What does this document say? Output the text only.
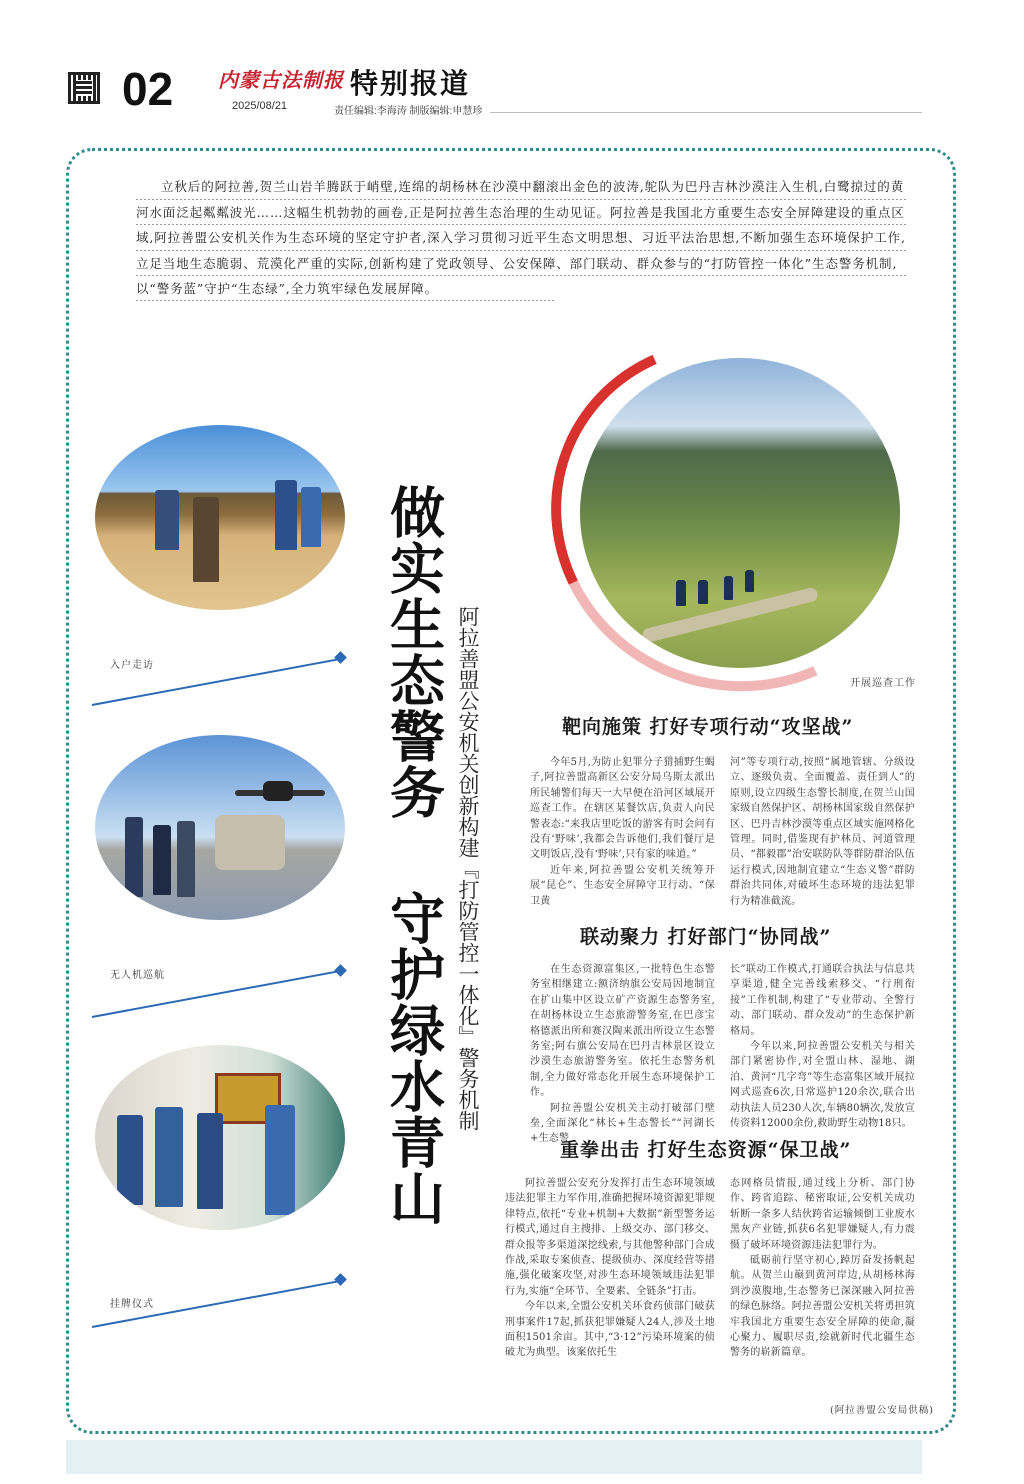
02 内蒙古法制报
2025/08/21
特别报道
责任编辑:李海涛 制版编辑:申慧珍
立秋后的阿拉善,贺兰山岩羊腾跃于峭壁,连绵的胡杨林在沙漠中翻滚出金色的波涛,鸵队为巴丹吉林沙漠注入生机,白鹭掠过的黄河水面泛起粼粼波光……这幅生机勃勃的画卷,正是阿拉善生态治理的生动见证。阿拉善是我国北方重要生态安全屏障建设的重点区域,阿拉善盟公安机关作为生态环境的坚定守护者,深入学习贯彻习近平生态文明思想、习近平法治思想,不断加强生态环境保护工作,立足当地生态脆弱、荒漠化严重的实际,创新构建了党政领导、公安保障、部门联动、群众参与的“打防管控一体化”生态警务机制,以“警务蓝”守护“生态绿”,全力筑牢绿色发展屏障。
入户走访
无人机巡航
挂牌仪式
开展巡查工作
做实生态警务
守护绿水青山 阿拉善盟公安机关创新构建『打防管控一体化』警务机制	靶向施策 打好专项行动“攻坚战”

今年5月,为防止犯罪分子猎捕野生蝎子,阿拉善盟高新区公安分局乌斯太派出所民辅警们每天一大早便在沿河区域展开巡查工作。在辖区某餐饮店,负责人向民警表态:“来我店里吃饭的游客有时会问有没有‘野味’,我都会告诉他们,我们餐厅是文明饭店,没有‘野味’,只有家的味道。”

近年来,阿拉善盟公安机关统筹开展“昆仑”、生态安全屏障守卫行动、“保卫黄

河”等专项行动,按照“属地管辖、分级设立、逐级负责、全面覆盖、责任到人”的原则,设立四级生态警长制度,在贺兰山国家级自然保护区、胡杨林国家级自然保护区、巴丹吉林沙漠等重点区域实施网格化管理。同时,借鉴现有护林员、河道管理员、“都毅郡”治安联防队等群防群治队伍运行模式,因地制宜建立“生态义警”群防群治共同体,对破坏生态环境的违法犯罪行为精准截流。

联动聚力 打好部门“协同战”

在生态资源富集区,一批特色生态警务室相继建立:额济纳旗公安局因地制宜在扩山集中区设立矿产资源生态警务室,在胡杨林设立生态旅游警务室,在巴彦宝格德派出所和赛汉陶来派出所设立生态警务室;阿右旗公安局在巴丹吉林景区设立沙漠生态旅游警务室。依托生态警务机制,全力做好常态化开展生态环境保护工作。

阿拉善盟公安机关主动打破部门壁垒,全面深化“林长+生态警长”“河湖长+生态警

长”联动工作模式,打通联合执法与信息共享渠道,健全完善线索移交、“行刑衔接”工作机制,构建了“专业带动、全警行动、部门联动、群众发动”的生态保护新格局。

今年以来,阿拉善盟公安机关与相关部门紧密协作,对全盟山林、湿地、湖泊、黄河“几字弯”等生态富集区域开展拉网式巡查6次,日常巡护120余次,联合出动执法人员230人次,车辆80辆次,发放宣传资料12000余份,救助野生动物18只。

重拳出击 打好生态资源“保卫战”

阿拉善盟公安充分发挥打击生态环境领域违法犯罪主力军作用,准确把握环境资源犯罪规律特点,依托“专业+机制+大数据”新型警务运行模式,通过自主搜排、上级交办、部门移交、群众报等多渠道深挖线索,与其他警种部门合成作战,采取专案侦查、提级侦办、深度经营等措施,强化破案攻坚,对涉生态环境领域违法犯罪行为,实施“全环节、全要素、全链条”打击。

今年以来,全盟公安机关环食药侦部门破获刑事案件17起,抓获犯罪嫌疑人24人,涉及土地面积1501余亩。其中,“3·12”污染环境案的侦破尤为典型。该案依托生

态网格员情报,通过线上分析、部门协作、跨省追踪、秘密取证,公安机关成功斩断一条多人结伙跨省运输倾倒工业废水黑灰产业链,抓获6名犯罪嫌疑人,有力震慑了破坏环境资源违法犯罪行为。

砥砺前行坚守初心,踔厉奋发扬帆起航。从贺兰山巅到黄河岸边,从胡杨林海到沙漠腹地,生态警务已深深融入阿拉善的绿色脉络。阿拉善盟公安机关将勇担筑牢我国北方重要生态安全屏障的使命,凝心聚力、履职尽责,绘就新时代北疆生态警务的崭新篇章。

(阿拉善盟公安局供稿)
